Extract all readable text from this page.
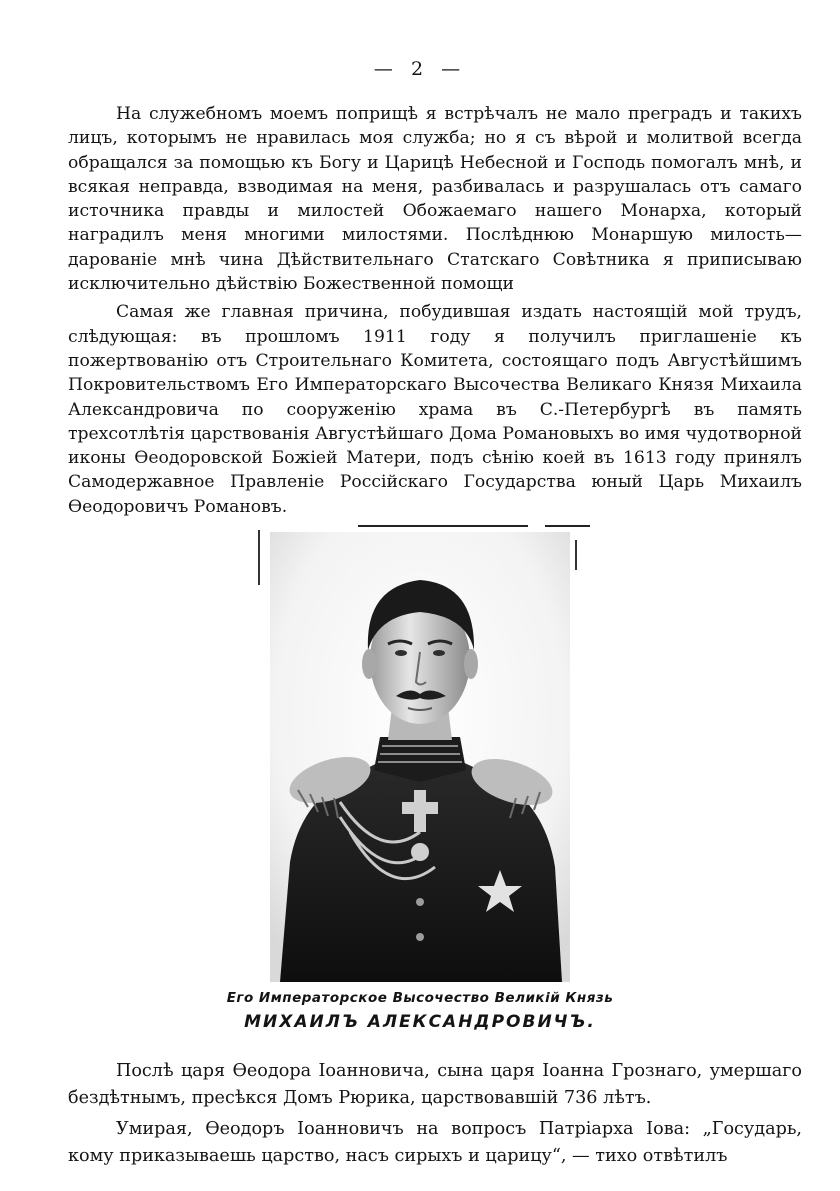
— 2 —

На служебномъ моемъ поприщѣ я встрѣчалъ не мало преградъ и такихъ лицъ, которымъ не нравилась моя служба; но я съ вѣрой и молитвой всегда обращался за помощью къ Богу и Царицѣ Небесной и Господь помогалъ мнѣ, и всякая неправда, взводимая на меня, разбивалась и разрушалась отъ самаго источника правды и милостей Обожаемаго нашего Монарха, который наградилъ меня многими милостями. Послѣднюю Монаршую милость—дарованіе мнѣ чина Дѣйствительнаго Статскаго Совѣтника я приписываю исключительно дѣйствію Божественной помощи

Самая же главная причина, побудившая издать настоящій мой трудъ, слѣдующая: въ прошломъ 1911 году я получилъ приглашеніе къ пожертвованію отъ Строительнаго Комитета, состоящаго подъ Августѣйшимъ Покровительствомъ Его Императорскаго Высочества Великаго Князя Михаила Александровича по сооруженію храма въ С.-Петербургѣ въ память трехсотлѣтія царствованія Августѣйшаго Дома Романовыхъ во имя чудотворной иконы Ѳеодоровской Божіей Матери, подъ сѣнію коей въ 1613 году принялъ Самодержавное Правленіе Россійскаго Государства юный Царь Михаилъ Ѳеодоровичъ Романовъ.

Его Императорское Высочество Великій Князь
МИХАИЛЪ АЛЕКСАНДРОВИЧЪ.

Послѣ царя Ѳеодора Іоанновича, сына царя Іоанна Грознаго, умершаго бездѣтнымъ, пресѣкся Домъ Рюрика, царствовавшій 736 лѣтъ.

Умирая, Ѳеодоръ Іоанновичъ на вопросъ Патріарха Іова: „Государь, кому приказываешь царство, насъ сирыхъ и царицу“, — тихо отвѣтилъ
